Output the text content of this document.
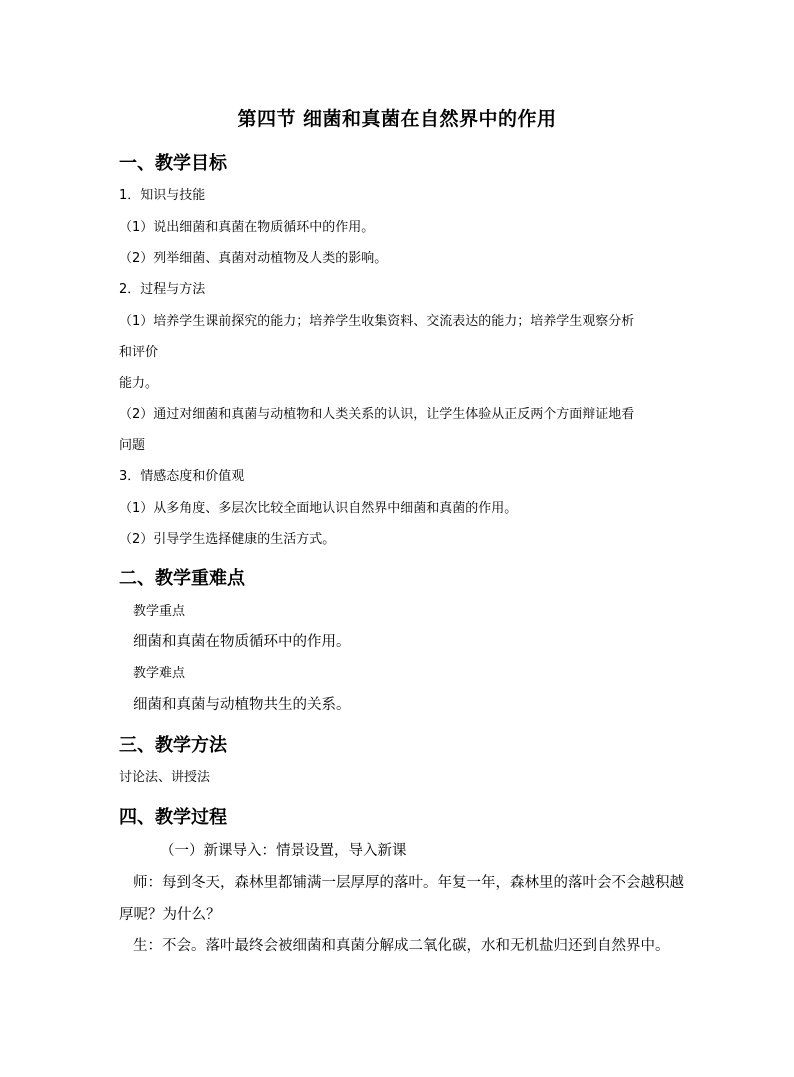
第四节 细菌和真菌在自然界中的作用
一、教学目标
1．知识与技能
（1）说出细菌和真菌在物质循环中的作用。
（2）列举细菌、真菌对动植物及人类的影响。
2．过程与方法
（1）培养学生课前探究的能力；培养学生收集资料、交流表达的能力；培养学生观察分析
和评价
能力。
（2）通过对细菌和真菌与动植物和人类关系的认识，让学生体验从正反两个方面辩证地看
问题
3．情感态度和价值观
（1）从多角度、多层次比较全面地认识自然界中细菌和真菌的作用。
（2）引导学生选择健康的生活方式。
二、教学重难点
教学重点
细菌和真菌在物质循环中的作用。
教学难点
细菌和真菌与动植物共生的关系。
三、教学方法
讨论法、讲授法
四、教学过程
（一）新课导入：情景设置，导入新课
师：每到冬天，森林里都铺满一层厚厚的落叶。年复一年，森林里的落叶会不会越积越
厚呢？为什么？
生：不会。落叶最终会被细菌和真菌分解成二氧化碳，水和无机盐归还到自然界中。
